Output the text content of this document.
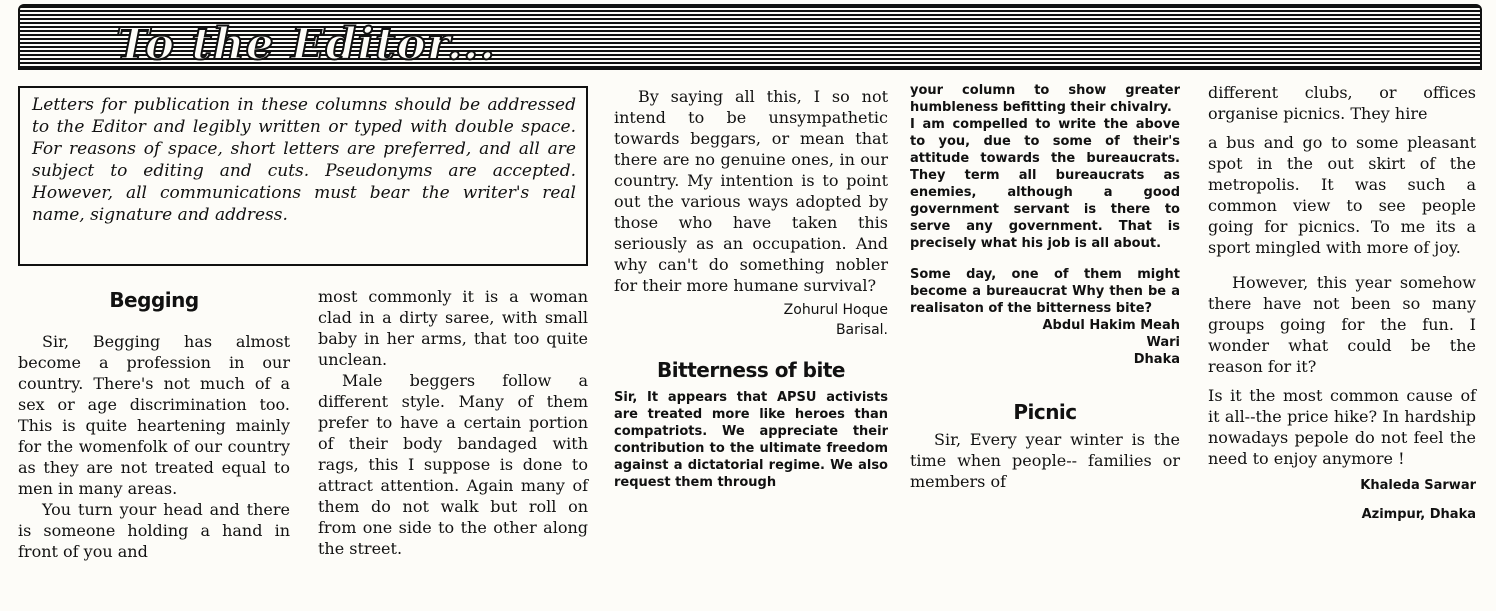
To the Editor...
Letters for publication in these columns should be addressed to the Editor and legibly written or typed with double space. For reasons of space, short letters are preferred, and all are subject to editing and cuts. Pseudonyms are accepted. However, all communications must bear the writer's real name, signature and address.
Begging

Sir, Begging has almost become a profession in our country. There's not much of a sex or age discrimination too. This is quite heartening mainly for the womenfolk of our country as they are not treated equal to men in many areas.

You turn your head and there is someone holding a hand in front of you and

most commonly it is a woman clad in a dirty saree, with small baby in her arms, that too quite unclean.

Male beggers follow a different style. Many of them prefer to have a certain portion of their body bandaged with rags, this I suppose is done to attract attention. Again many of them do not walk but roll on from one side to the other along the street.

By saying all this, I so not intend to be unsympathetic towards beggars, or mean that there are no genuine ones, in our country. My intention is to point out the various ways adopted by those who have taken this seriously as an occupation. And why can't do something nobler for their more humane survival?

Zohurul Hoque
Barisal.
Bitterness of bite

Sir, It appears that APSU activists are treated more like heroes than compatriots. We appreciate their contribution to the ultimate freedom against a dictatorial regime. We also request them through

your column to show greater humbleness befitting their chivalry.

I am compelled to write the above to you, due to some of their's attitude towards the bureaucrats. They term all bureaucrats as enemies, although a good government servant is there to serve any government. That is precisely what his job is all about.

Some day, one of them might become a bureaucrat Why then be a realisaton of the bitterness bite?

Abdul Hakim Meah
Wari
Dhaka
Picnic

Sir, Every year winter is the time when people-- families or members of

different clubs, or offices organise picnics. They hire

a bus and go to some pleasant spot in the out skirt of the metropolis. It was such a common view to see people going for picnics. To me its a sport mingled with more of joy.

However, this year somehow there have not been so many groups going for the fun. I wonder what could be the reason for it?

Is it the most common cause of it all--the price hike? In hardship nowadays pepole do not feel the need to enjoy anymore !

Khaleda Sarwar
Azimpur, Dhaka
